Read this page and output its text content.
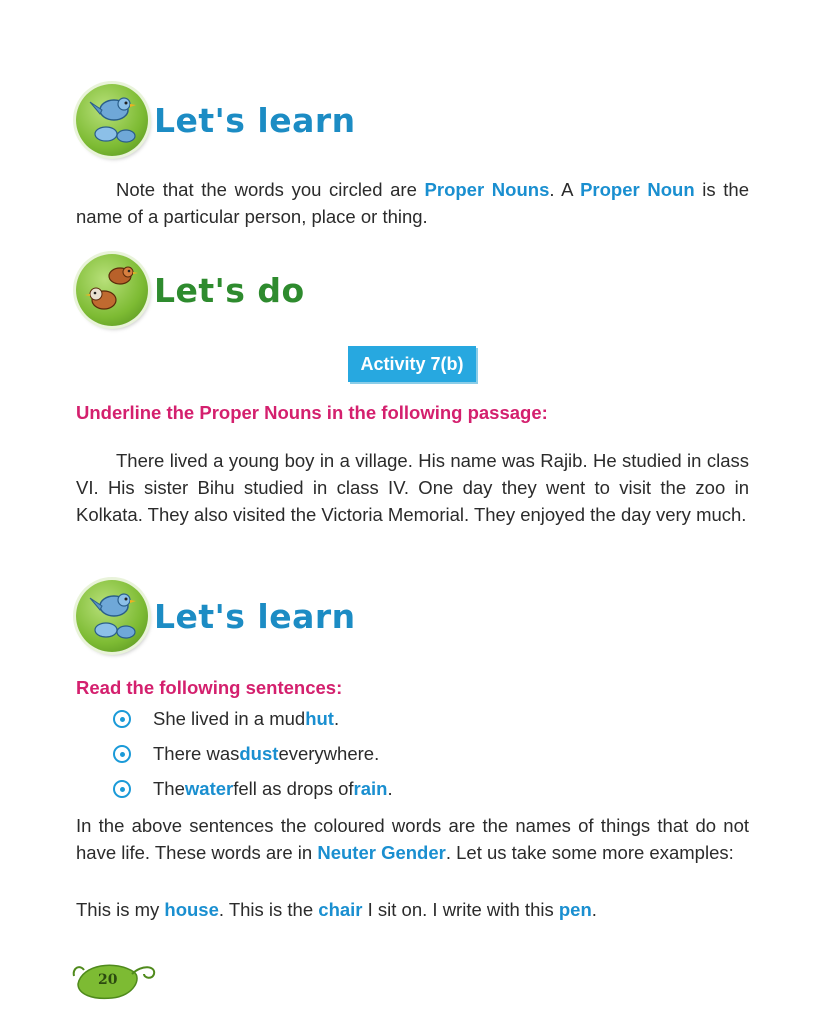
Let's learn
Note that the words you circled are Proper Nouns. A Proper Noun is the name of a particular person, place or thing.
Let's do
Activity 7(b)
Underline the Proper Nouns in the following passage:
There lived a young boy in a village. His name was Rajib. He studied in class VI. His sister Bihu studied in class IV. One day they went to visit the zoo in Kolkata. They also visited the Victoria Memorial. They enjoyed the day very much.
Let's learn
Read the following sentences:
She lived in a mud hut .
There was dust everywhere.
The water fell as drops of rain .
In the above sentences the coloured words are the names of things that do not have life. These words are in Neuter Gender. Let us take some more examples:
This is my house. This is the chair I sit on. I write with this pen.
20
